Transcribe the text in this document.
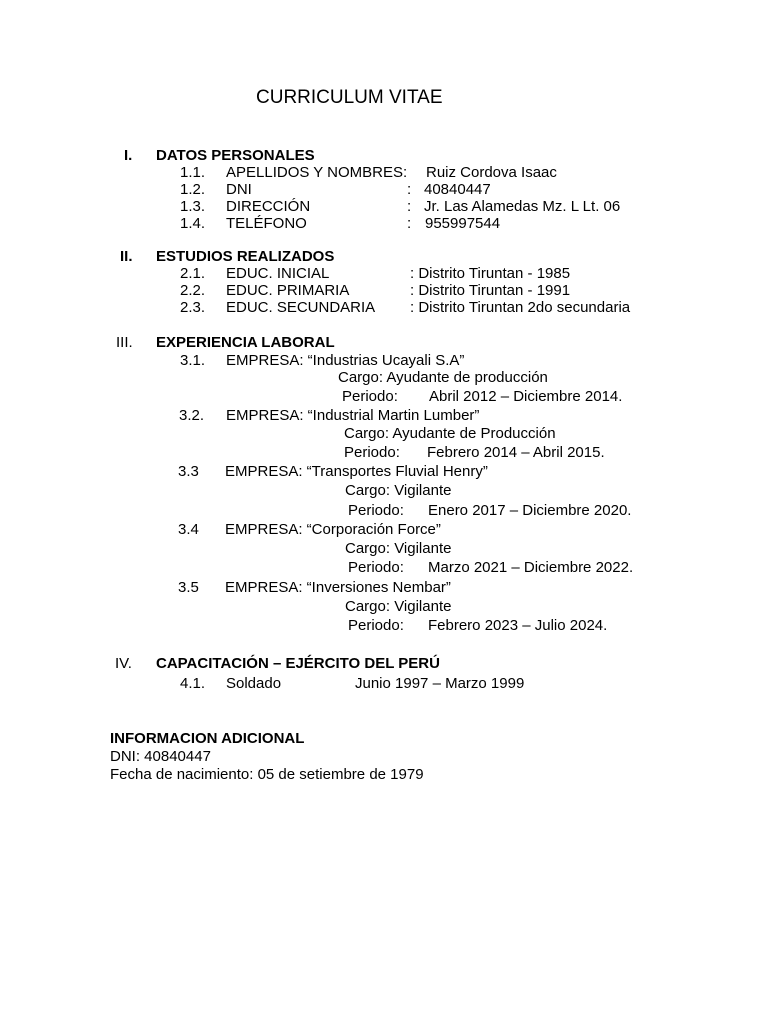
CURRICULUM VITAE
I. DATOS PERSONALES
1.1. APELLIDOS Y NOMBRES: Ruiz Cordova Isaac
1.2. DNI	: 40840447
1.3. DIRECCIÓN	: Jr. Las Alamedas Mz. L Lt. 06
1.4. TELÉFONO	: 955997544
II. ESTUDIOS REALIZADOS
2.1. EDUC. INICIAL	: Distrito Tiruntan - 1985
2.2. EDUC. PRIMARIA	: Distrito Tiruntan - 1991
2.3. EDUC. SECUNDARIA : Distrito Tiruntan 2do secundaria
III. EXPERIENCIA LABORAL
3.1. EMPRESA: “Industrias Ucayali S.A”
Cargo: Ayudante de producción
Periodo: Abril 2012 – Diciembre 2014.
3.2. EMPRESA: “Industrial Martin Lumber”
Cargo: Ayudante de Producción
Periodo: Febrero 2014 – Abril 2015.
3.3 EMPRESA: “Transportes Fluvial Henry”
Cargo: Vigilante
Periodo: Enero 2017 – Diciembre 2020.
3.4 EMPRESA: “Corporación Force”
Cargo: Vigilante
Periodo: Marzo 2021 – Diciembre 2022.
3.5 EMPRESA: “Inversiones Nembar”
Cargo: Vigilante
Periodo: Febrero 2023 – Julio 2024.
IV. CAPACITACIÓN – EJÉRCITO DEL PERÚ
4.1. Soldado	Junio 1997 – Marzo 1999
INFORMACION ADICIONAL
DNI: 40840447
Fecha de nacimiento: 05 de setiembre de 1979
